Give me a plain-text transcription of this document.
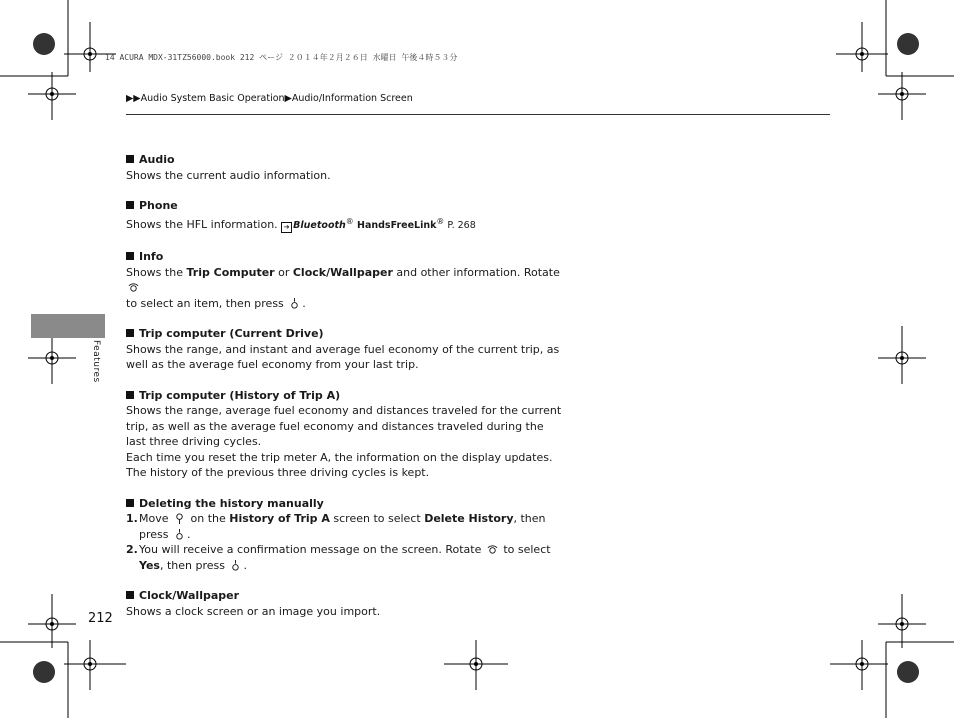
14 ACURA MDX-31TZ56000.book 212 ページ ２０１４年２月２６日 水曜日 午後４時５３分
▶▶Audio System Basic Operation▶Audio/Information Screen
Features

Audio

Shows the current audio information.

Phone

Shows the HFL information. ➔ Bluetooth® HandsFreeLink® P. 268

Info

Shows the Trip Computer or Clock/Wallpaper and other information. Rotate
to select an item, then press .

Trip computer (Current Drive)

Shows the range, and instant and average fuel economy of the current trip, as well as the average fuel economy from your last trip.

Trip computer (History of Trip A)

Shows the range, average fuel economy and distances traveled for the current trip, as well as the average fuel economy and distances traveled during the last three driving cycles.

Each time you reset the trip meter A, the information on the display updates. The history of the previous three driving cycles is kept.

Deleting the history manually

1. Move  on the History of Trip A screen to select Delete History, then press .
2. You will receive a confirmation message on the screen. Rotate  to select Yes, then press .

Clock/Wallpaper

Shows a clock screen or an image you import.

212
